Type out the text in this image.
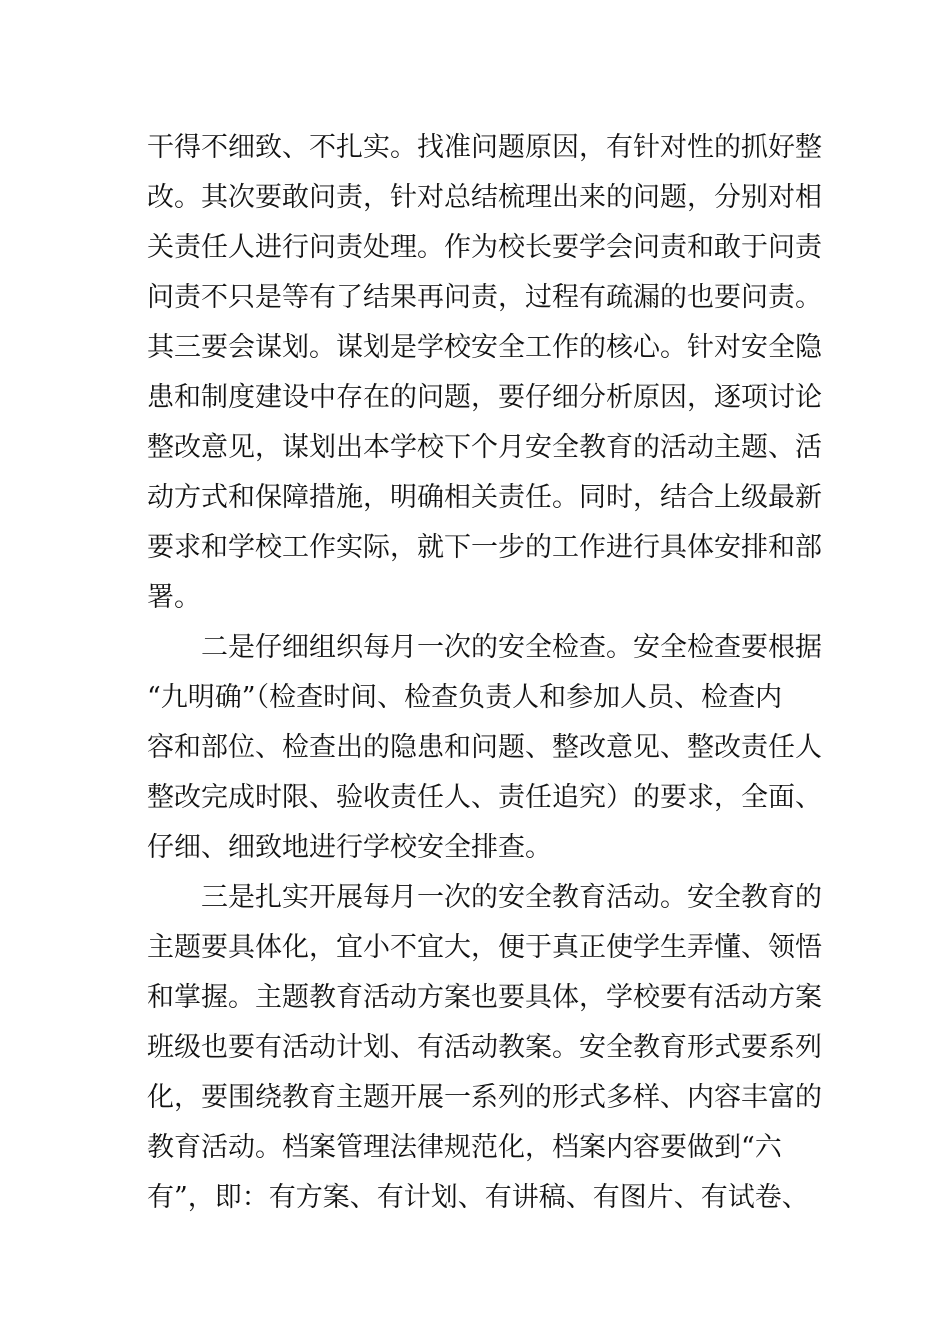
干得不细致、不扎实。找准问题原因，有针对性的抓好整
改。其次要敢问责，针对总结梳理出来的问题，分别对相
关责任人进行问责处理。作为校长要学会问责和敢于问责
问责不只是等有了结果再问责，过程有疏漏的也要问责。
其三要会谋划。谋划是学校安全工作的核心。针对安全隐
患和制度建设中存在的问题，要仔细分析原因，逐项讨论
整改意见，谋划出本学校下个月安全教育的活动主题、活
动方式和保障措施，明确相关责任。同时，结合上级最新
要求和学校工作实际，就下一步的工作进行具体安排和部
署。
二是仔细组织每月一次的安全检查。安全检查要根据
“九明确”（检查时间、检查负责人和参加人员、检查内
容和部位、检查出的隐患和问题、整改意见、整改责任人
整改完成时限、验收责任人、责任追究）的要求，全面、
仔细、细致地进行学校安全排查。
三是扎实开展每月一次的安全教育活动。安全教育的
主题要具体化，宜小不宜大，便于真正使学生弄懂、领悟
和掌握。主题教育活动方案也要具体，学校要有活动方案
班级也要有活动计划、有活动教案。安全教育形式要系列
化，要围绕教育主题开展一系列的形式多样、内容丰富的
教育活动。档案管理法律规范化，档案内容要做到“六
有”，即：有方案、有计划、有讲稿、有图片、有试卷、
